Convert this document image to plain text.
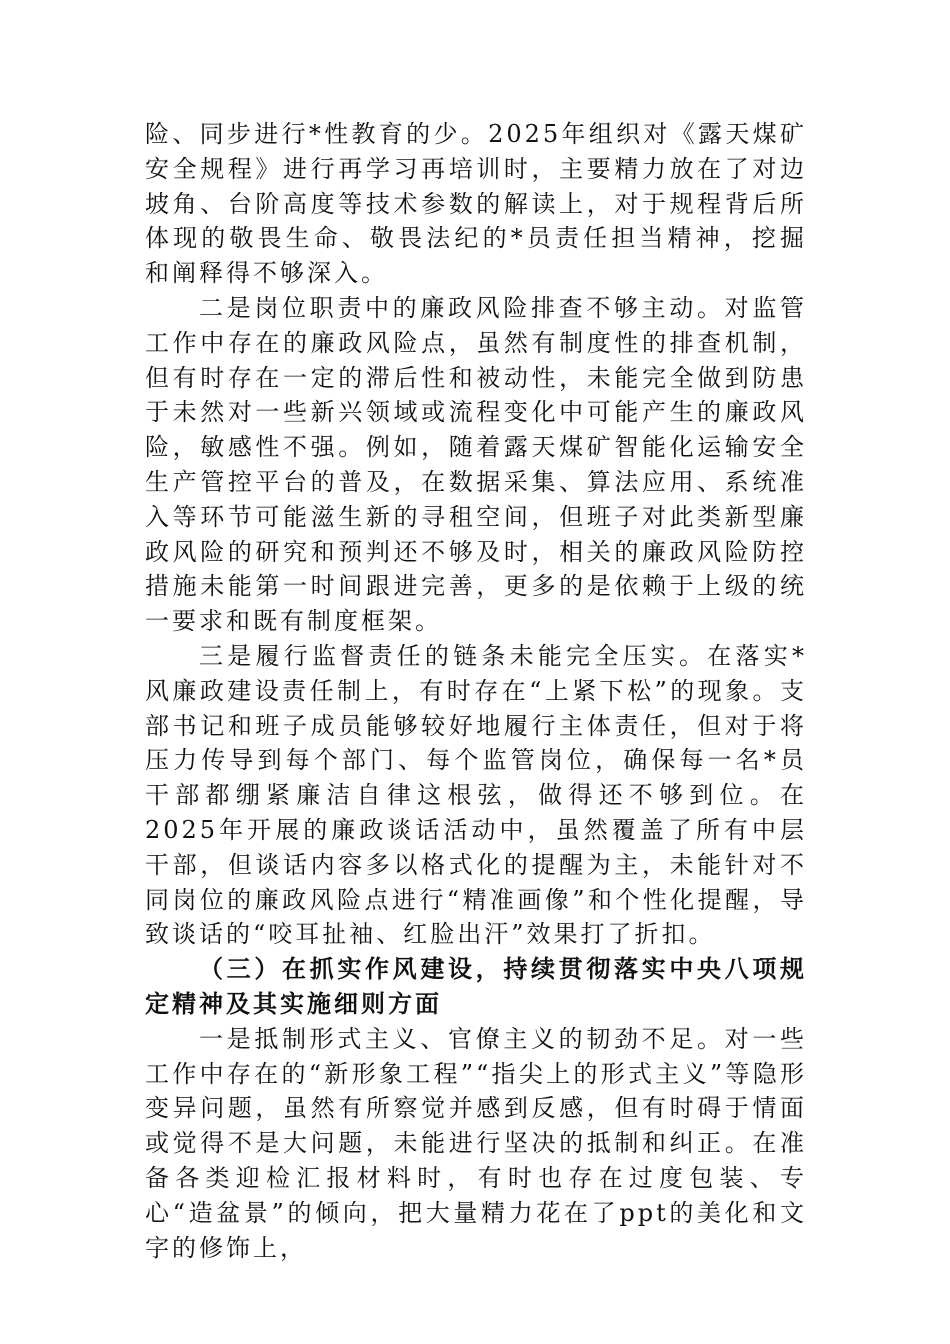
险、同步进行*性教育的少。2025年组织对《露天煤矿安全规程》进行再学习再培训时，主要精力放在了对边坡角、台阶高度等技术参数的解读上，对于规程背后所体现的敬畏生命、敬畏法纪的*员责任担当精神，挖掘和阐释得不够深入。

二是岗位职责中的廉政风险排查不够主动。对监管工作中存在的廉政风险点，虽然有制度性的排查机制，但有时存在一定的滞后性和被动性，未能完全做到防患于未然对一些新兴领域或流程变化中可能产生的廉政风险，敏感性不强。例如，随着露天煤矿智能化运输安全生产管控平台的普及，在数据采集、算法应用、系统准入等环节可能滋生新的寻租空间，但班子对此类新型廉政风险的研究和预判还不够及时，相关的廉政风险防控措施未能第一时间跟进完善，更多的是依赖于上级的统一要求和既有制度框架。

三是履行监督责任的链条未能完全压实。在落实*风廉政建设责任制上，有时存在“上紧下松”的现象。支部书记和班子成员能够较好地履行主体责任，但对于将压力传导到每个部门、每个监管岗位，确保每一名*员干部都绷紧廉洁自律这根弦，做得还不够到位。在2025年开展的廉政谈话活动中，虽然覆盖了所有中层干部，但谈话内容多以格式化的提醒为主，未能针对不同岗位的廉政风险点进行“精准画像”和个性化提醒，导致谈话的“咬耳扯袖、红脸出汗”效果打了折扣。

（三）在抓实作风建设，持续贯彻落实中央八项规定精神及其实施细则方面

一是抵制形式主义、官僚主义的韧劲不足。对一些工作中存在的“新形象工程”“指尖上的形式主义”等隐形变异问题，虽然有所察觉并感到反感，但有时碍于情面或觉得不是大问题，未能进行坚决的抵制和纠正。在准备各类迎检汇报材料时，有时也存在过度包装、专心“造盆景”的倾向，把大量精力花在了ppt的美化和文字的修饰上，
